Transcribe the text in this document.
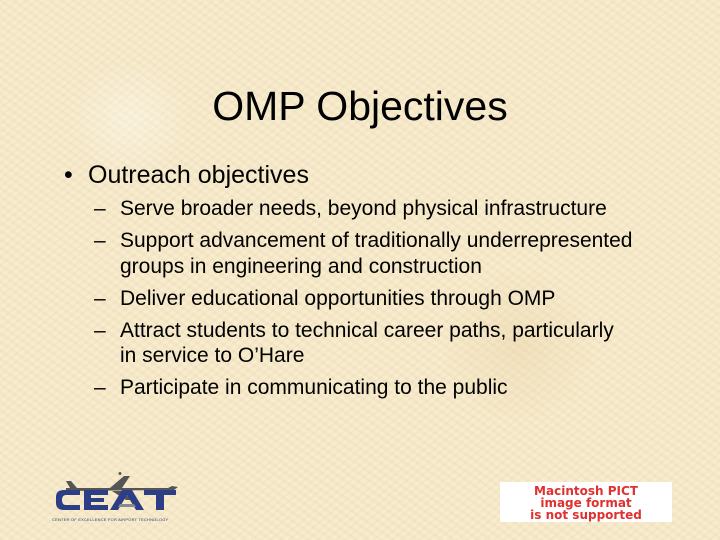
OMP Objectives
• Outreach objectives
– Serve broader needs, beyond physical infrastructure
– Support advancement of traditionally underrepresented groups in engineering and construction
– Deliver educational opportunities through OMP
– Attract students to technical career paths, particularly in service to O’Hare
– Participate in communicating to the public
CENTER OF EXCELLENCE FOR AIRPORT TECHNOLOGY
Macintosh PICT
image format
is not supported
